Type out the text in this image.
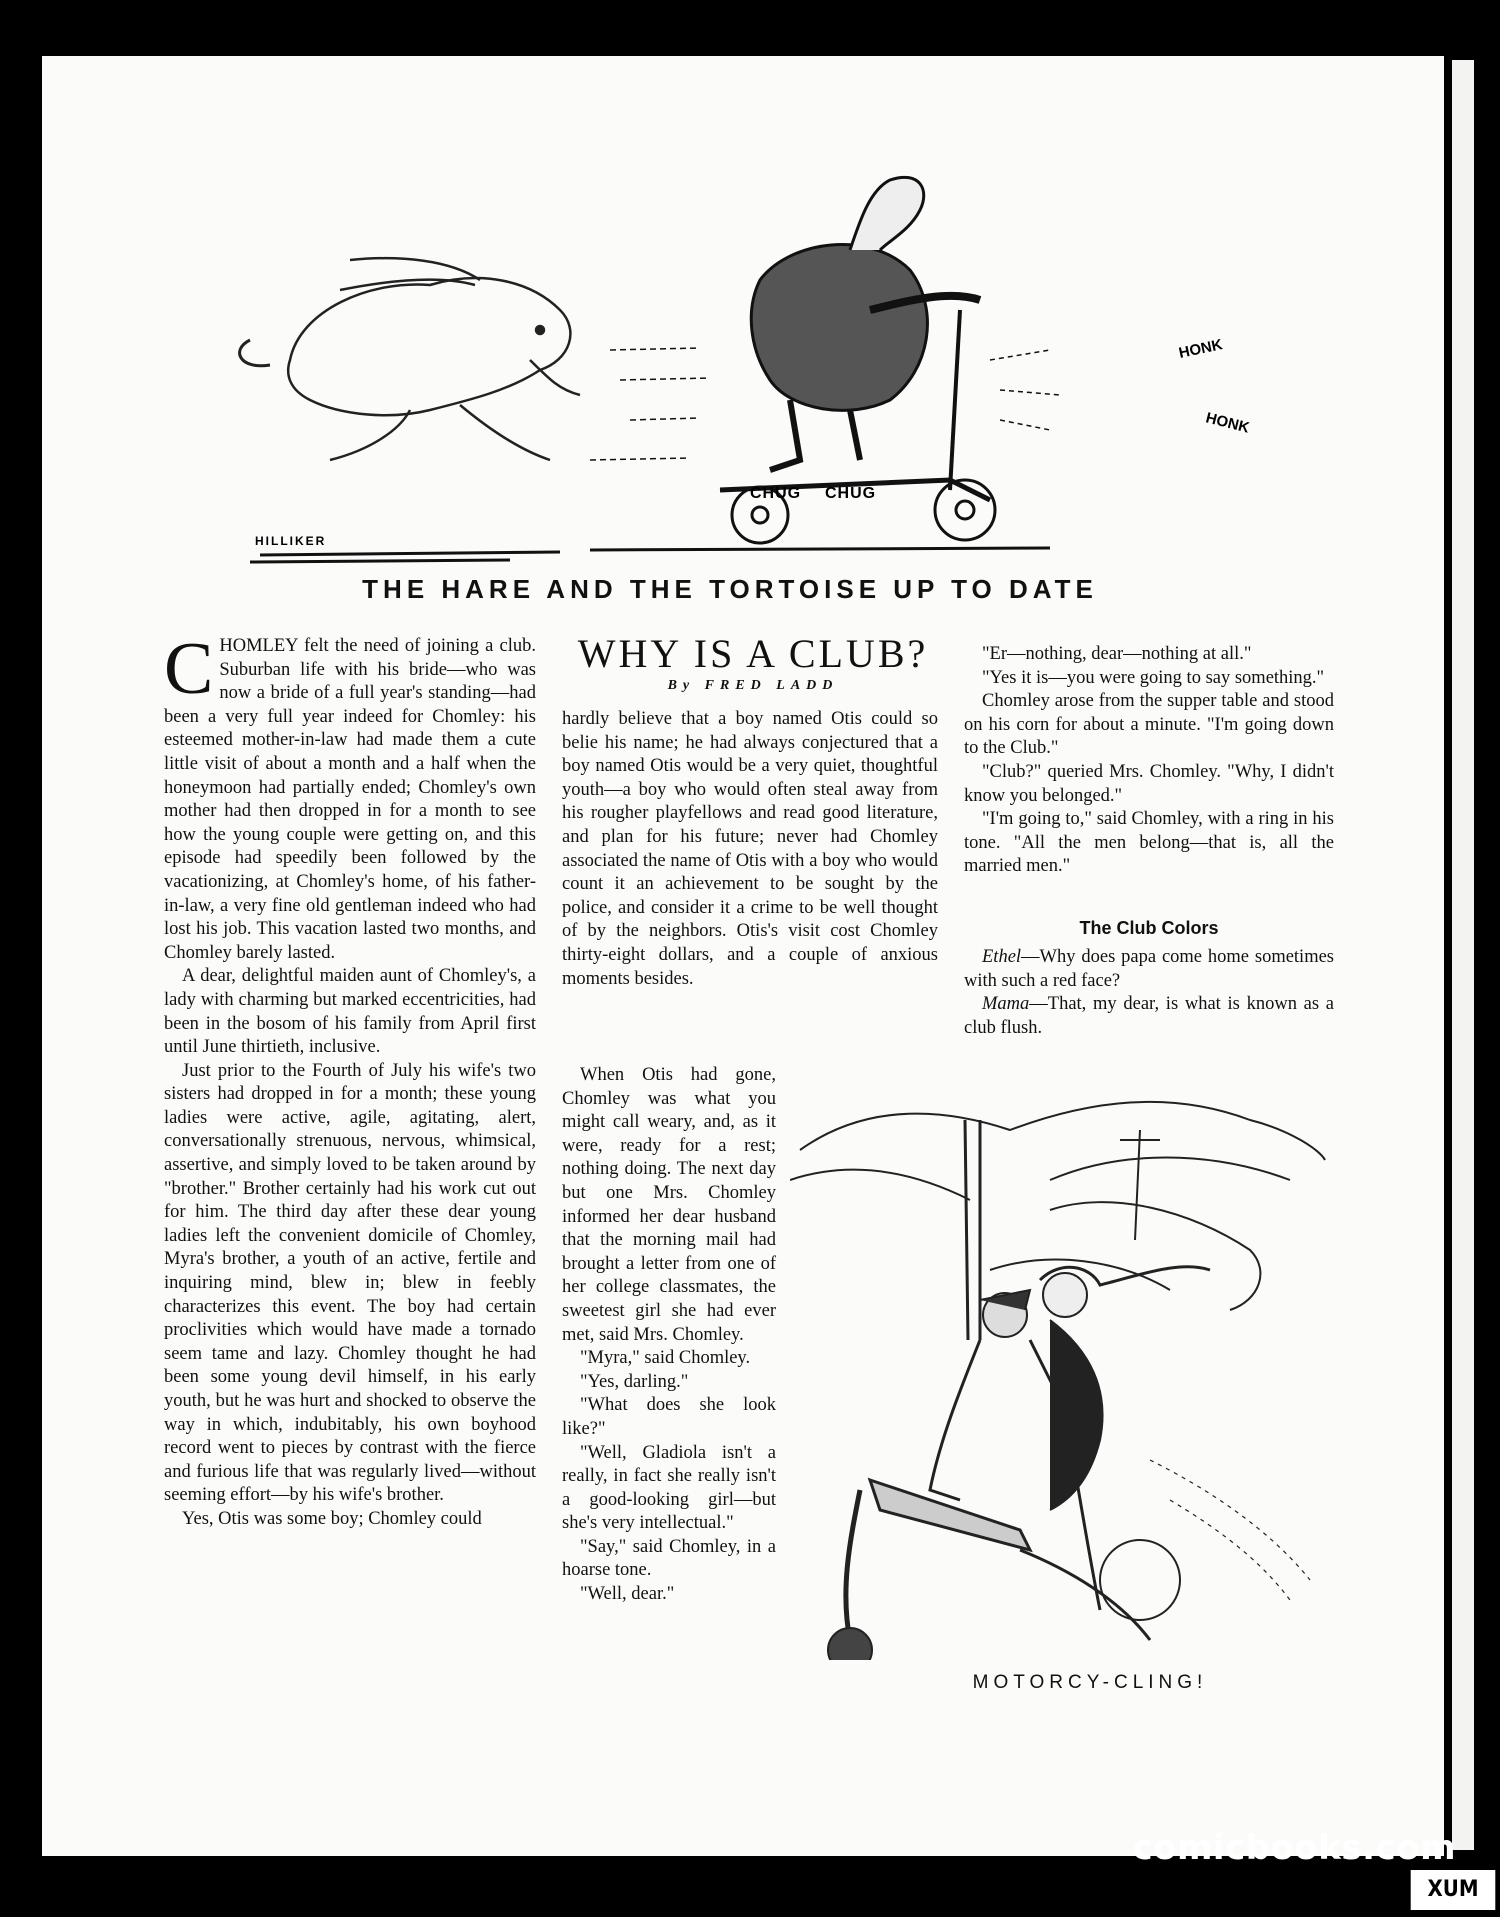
HILLIKER
CHUG CHUG
HONK
HONK
THE HARE AND THE TORTOISE UP TO DATE
WHY IS A CLUB?
By FRED LADD

CHOMLEY felt the need of joining a club. Suburban life with his bride—who was now a bride of a full year's standing—had been a very full year indeed for Chomley: his esteemed mother-in-law had made them a cute little visit of about a month and a half when the honeymoon had partially ended; Chomley's own mother had then dropped in for a month to see how the young couple were getting on, and this episode had speedily been followed by the vacationizing, at Chomley's home, of his father-in-law, a very fine old gentleman indeed who had lost his job. This vacation lasted two months, and Chomley barely lasted.

A dear, delightful maiden aunt of Chomley's, a lady with charming but marked eccentricities, had been in the bosom of his family from April first until June thirtieth, inclusive.

Just prior to the Fourth of July his wife's two sisters had dropped in for a month; these young ladies were active, agile, agitating, alert, conversationally strenuous, nervous, whimsical, assertive, and simply loved to be taken around by "brother." Brother certainly had his work cut out for him. The third day after these dear young ladies left the convenient domicile of Chomley, Myra's brother, a youth of an active, fertile and inquiring mind, blew in; blew in feebly characterizes this event. The boy had certain proclivities which would have made a tornado seem tame and lazy. Chomley thought he had been some young devil himself, in his early youth, but he was hurt and shocked to observe the way in which, indubitably, his own boyhood record went to pieces by contrast with the fierce and furious life that was regularly lived—without seeming effort—by his wife's brother.

Yes, Otis was some boy; Chomley could

hardly believe that a boy named Otis could so belie his name; he had always conjectured that a boy named Otis would be a very quiet, thoughtful youth—a boy who would often steal away from his rougher playfellows and read good literature, and plan for his future; never had Chomley associated the name of Otis with a boy who would count it an achievement to be sought by the police, and consider it a crime to be well thought of by the neighbors. Otis's visit cost Chomley thirty-eight dollars, and a couple of anxious moments besides.

When Otis had gone, Chomley was what you might call weary, and, as it were, ready for a rest; nothing doing. The next day but one Mrs. Chomley informed her dear husband that the morning mail had brought a letter from one of her college classmates, the sweetest girl she had ever met, said Mrs. Chomley.

"Myra," said Chomley.

"Yes, darling."

"What does she look like?"

"Well, Gladiola isn't a really, in fact she really isn't a good-looking girl—but she's very intellectual."

"Say," said Chomley, in a hoarse tone.

"Well, dear."

"Er—nothing, dear—nothing at all."

"Yes it is—you were going to say something."

Chomley arose from the supper table and stood on his corn for about a minute. "I'm going down to the Club."

"Club?" queried Mrs. Chomley. "Why, I didn't know you belonged."

"I'm going to," said Chomley, with a ring in his tone. "All the men belong—that is, all the married men."

The Club Colors

Ethel—Why does papa come home sometimes with such a red face?

Mama—That, my dear, is what is known as a club flush.

MOTORCY-CLING!
comicbooks.com
XUM
